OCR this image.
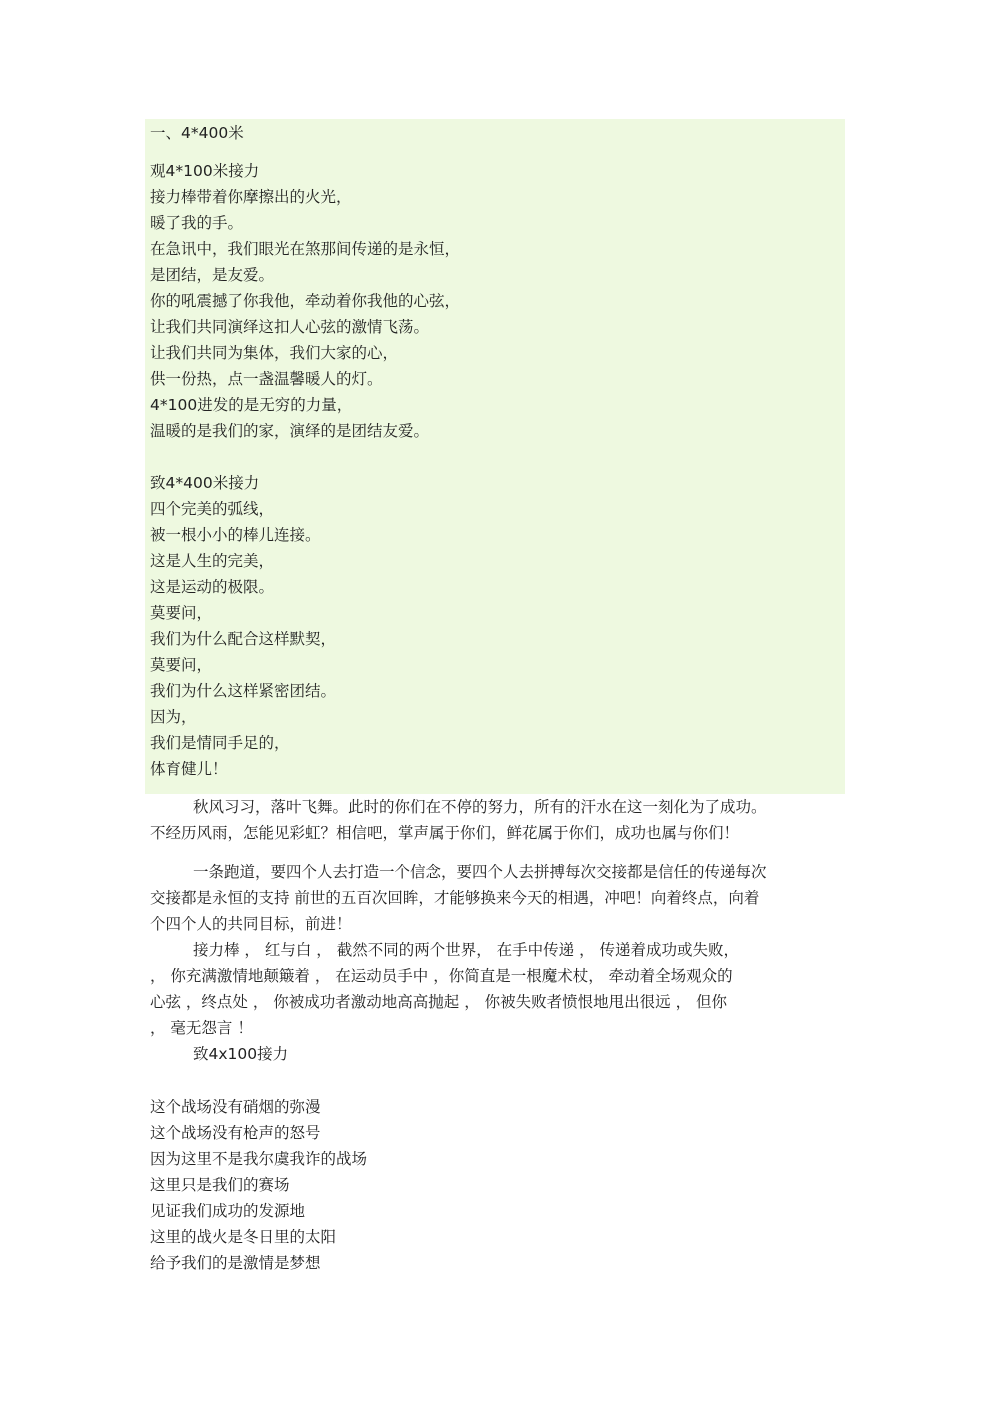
一、4*400米
观4*100米接力
接力棒带着你摩擦出的火光，
暖了我的手。
在急讯中，我们眼光在煞那间传递的是永恒，
是团结，是友爱。
你的吼震撼了你我他，牵动着你我他的心弦，
让我们共同演绎这扣人心弦的激情飞荡。
让我们共同为集体，我们大家的心，
供一份热，点一盏温馨暖人的灯。
4*100进发的是无穷的力量，
温暖的是我们的家，演绎的是团结友爱。
致4*400米接力
四个完美的弧线，
被一根小小的棒儿连接。
这是人生的完美，
这是运动的极限。
莫要问，
我们为什么配合这样默契，
莫要问，
我们为什么这样紧密团结。
因为，
我们是情同手足的，
体育健儿！

秋风习习，落叶飞舞。此时的你们在不停的努力，所有的汗水在这一刻化为了成功。

不经历风雨，怎能见彩虹？相信吧，掌声属于你们，鲜花属于你们，成功也属与你们！

一条跑道，要四个人去打造一个信念，要四个人去拼搏每次交接都是信任的传递每次

交接都是永恒的支持 前世的五百次回眸，才能够换来今天的相遇，冲吧！向着终点，向着

个四个人的共同目标，前进！

接力棒 ， 红与白 ， 截然不同的两个世界， 在手中传递 ， 传递着成功或失败，

， 你充满激情地颠簸着 ， 在运动员手中 ，你简直是一根魔术杖， 牵动着全场观众的

心弦 ，终点处 ， 你被成功者激动地高高抛起 ， 你被失败者愤恨地甩出很远 ， 但你

， 毫无怨言 ！

致4x100接力
这个战场没有硝烟的弥漫
这个战场没有枪声的怒号
因为这里不是我尔虞我诈的战场
这里只是我们的赛场
见证我们成功的发源地
这里的战火是冬日里的太阳
给予我们的是激情是梦想
